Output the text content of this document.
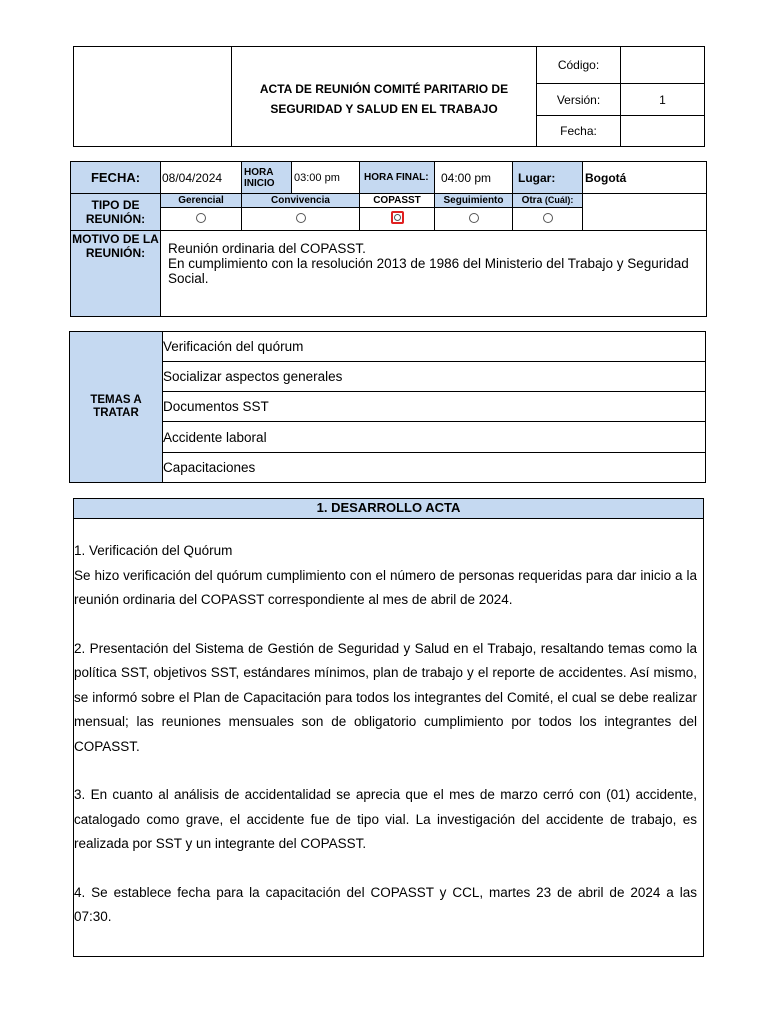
	ACTA DE REUNIÓN COMITÉ PARITARIO DE SEGURIDAD Y SALUD EN EL TRABAJO	Código:	
		Versión:	1
		Fecha:	
FECHA:	08/04/2024	HORA INICIO	03:00 pm	HORA FINAL:	04:00 pm	Lugar:	Bogotá
TIPO DE REUNIÓN:	Gerencial	Convivencia		COPASST	Seguimiento	Otra (Cuál):	

MOTIVO DE LA REUNIÓN:	Reunión ordinaria del COPASST.
En cumplimiento con la resolución 2013 de 1986 del Ministerio del Trabajo y Seguridad Social.						
TEMAS A TRATAR	Verificación del quórum
Socializar aspectos generales
Documentos SST
Accidente laboral
Capacitaciones
1. DESARROLLO ACTA
1. Verificación del Quórum

Se hizo verificación del quórum cumplimiento con el número de personas requeridas para dar inicio a la reunión ordinaria del COPASST correspondiente al mes de abril de 2024.

2. Presentación del Sistema de Gestión de Seguridad y Salud en el Trabajo, resaltando temas como la política SST, objetivos SST, estándares mínimos, plan de trabajo y el reporte de accidentes. Así mismo, se informó sobre el Plan de Capacitación para todos los integrantes del Comité, el cual se debe realizar mensual; las reuniones mensuales son de obligatorio cumplimiento por todos los integrantes del COPASST.

3. En cuanto al análisis de accidentalidad se aprecia que el mes de marzo cerró con (01) accidente, catalogado como grave, el accidente fue de tipo vial. La investigación del accidente de trabajo, es realizada por SST y un integrante del COPASST.

4. Se establece fecha para la capacitación del COPASST y CCL, martes 23 de abril de 2024 a las 07:30.
